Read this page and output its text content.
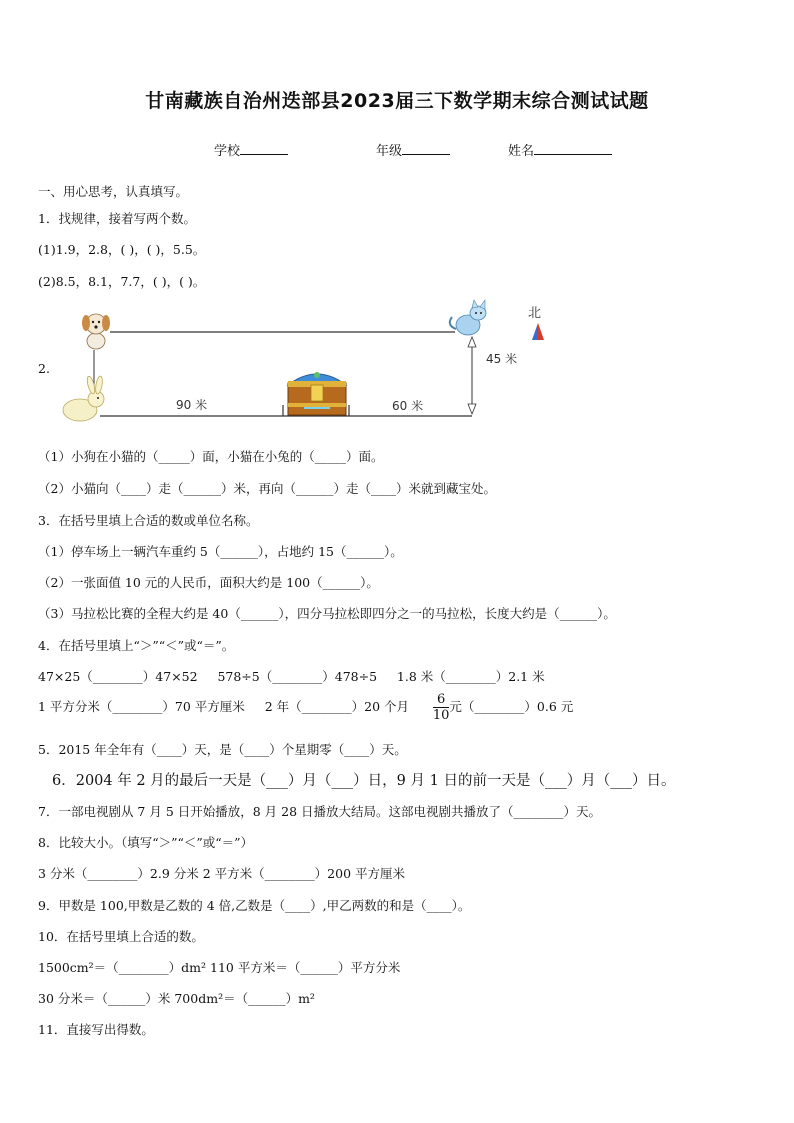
甘南藏族自治州迭部县2023届三下数学期末综合测试试题
学校	年级	姓名
一、用心思考，认真填写。
1．找规律，接着写两个数。
(1)1.9，2.8，( )，( )，5.5。
(2)8.5，8.1，7.7，( )，( )。
2.
90 米	60 米
45 米
北
（1）小狗在小猫的（_____）面，小猫在小兔的（_____）面。
（2）小猫向（____）走（______）米，再向（______）走（____）米就到藏宝处。
3．在括号里填上合适的数或单位名称。
（1）停车场上一辆汽车重约 5（______），占地约 15（______）。
（2）一张面值 10 元的人民币，面积大约是 100（______）。
（3）马拉松比赛的全程大约是 40（______），四分马拉松即四分之一的马拉松，长度大约是（______）。
4．在括号里填上“＞”“＜”或“＝”。
47×25（________）47×52 578÷5（________）478÷5 1.8 米（________）2.1 米
1 平方分米（________）70 平方厘米 2 年（________）20 个月 $\frac{6}{10}$ 元（________）0.6 元
5．2015 年全年有（____）天，是（____）个星期零（____）天。
6．2004 年 2 月的最后一天是（___）月（___）日，9 月 1 日的前一天是（___）月（___）日。
7．一部电视剧从 7 月 5 日开始播放，8 月 28 日播放大结局。这部电视剧共播放了（________）天。
8．比较大小。（填写“＞”“＜”或“＝”）
3 分米（________）2.9 分米 2 平方米（________）200 平方厘米
9．甲数是 100,甲数是乙数的 4 倍,乙数是（____）,甲乙两数的和是（____）。
10．在括号里填上合适的数。
1500cm²＝（________）dm² 110 平方米＝（______）平方分米
30 分米＝（______）米 700dm²＝（______）m²
11．直接写出得数。
